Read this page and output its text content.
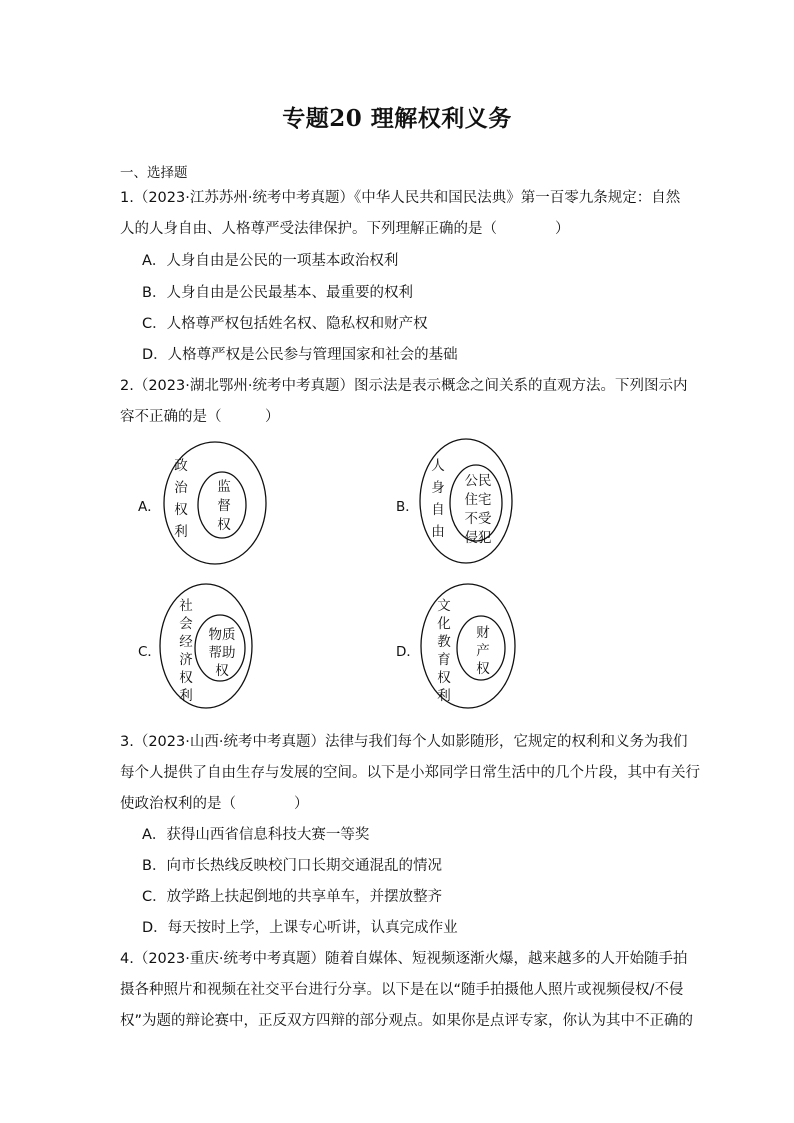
专题20 理解权利义务
一、选择题
1.（2023·江苏苏州·统考中考真题）《中华人民共和国民法典》第一百零九条规定：自然
人的人身自由、人格尊严受法律保护。下列理解正确的是（　　　　）
A．人身自由是公民的一项基本政治权利
B．人身自由是公民最基本、最重要的权利
C．人格尊严权包括姓名权、隐私权和财产权
D．人格尊严权是公民参与管理国家和社会的基础
2.（2023·湖北鄂州·统考中考真题）图示法是表示概念之间关系的直观方法。下列图示内
容不正确的是（　　　）
A．
政
治
权
利
监
督
权
B．
人
身
自
由
公民
住宅
不受
侵犯
C．
社
会
经
济
权
利
物质
帮助
权
D．
文
化
教
育
权
利
财
产
权
3.（2023·山西·统考中考真题）法律与我们每个人如影随形，它规定的权利和义务为我们
每个人提供了自由生存与发展的空间。以下是小郑同学日常生活中的几个片段，其中有关行
使政治权利的是（　　　　）
A．获得山西省信息科技大赛一等奖
B．向市长热线反映校门口长期交通混乱的情况
C．放学路上扶起倒地的共享单车，并摆放整齐
D．每天按时上学，上课专心听讲，认真完成作业
4.（2023·重庆·统考中考真题）随着自媒体、短视频逐渐火爆，越来越多的人开始随手拍
摄各种照片和视频在社交平台进行分享。以下是在以“随手拍摄他人照片或视频侵权/不侵
权”为题的辩论赛中，正反双方四辩的部分观点。如果你是点评专家，你认为其中不正确的
